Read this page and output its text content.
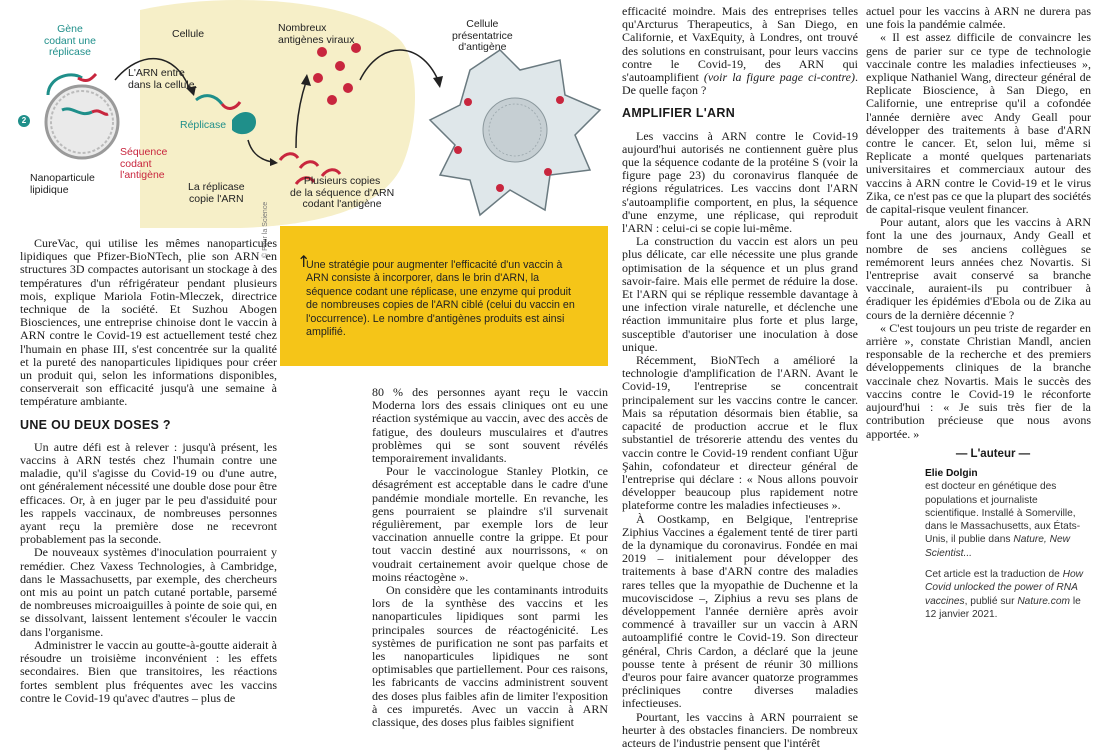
2
Gène
codant une
réplicase
Cellule
L'ARN entre
dans la cellule.
Nombreux
antigènes viraux
Cellule
présentatrice
d'antigène
Réplicase
Séquence
codant
l'antigène
Nanoparticule
lipidique	La réplicase
copie l'ARN
Plusieurs copies
de la séquence d'ARN
codant l'antigène
© Pour la Science
↑
Une stratégie pour augmenter l'efficacité d'un vaccin à ARN consiste à incorporer, dans le brin d'ARN, la séquence codant une réplicase, une enzyme qui produit de nombreuses copies de l'ARN ciblé (celui du vaccin en l'occurrence). Le nombre d'antigènes produits est ainsi amplifié.

CureVac, qui utilise les mêmes nanoparticules lipidiques que Pfizer-BioNTech, plie son ARN en structures 3D compactes autorisant un stockage à des températures d'un réfrigérateur pendant plusieurs mois, explique Mariola Fotin-Mleczek, directrice technique de la société. Et Suzhou Abogen Biosciences, une entreprise chinoise dont le vaccin à ARN contre le Covid-19 est actuellement testé chez l'humain en phase III, s'est concentrée sur la qualité et la pureté des nanoparticules lipidiques pour créer un produit qui, selon les informations disponibles, conserverait son efficacité jusqu'à une semaine à température ambiante.

UNE OU DEUX DOSES ?

Un autre défi est à relever : jusqu'à présent, les vaccins à ARN testés chez l'humain contre une maladie, qu'il s'agisse du Covid-19 ou d'une autre, ont généralement nécessité une double dose pour être efficaces. Or, à en juger par le peu d'assiduité pour les rappels vaccinaux, de nombreuses personnes ayant reçu la première dose ne recevront probablement pas la seconde.

De nouveaux systèmes d'inoculation pourraient y remédier. Chez Vaxess Technologies, à Cambridge, dans le Massachusetts, par exemple, des chercheurs ont mis au point un patch cutané portable, parsemé de nombreuses microaiguilles à pointe de soie qui, en se dissolvant, laissent lentement s'écouler le vaccin dans l'organisme.

Administrer le vaccin au goutte-à-goutte aiderait à résoudre un troisième inconvénient : les effets secondaires. Bien que transitoires, les réactions fortes semblent plus fréquentes avec les vaccins contre le Covid-19 qu'avec d'autres – plus de

80 % des personnes ayant reçu le vaccin Moderna lors des essais cliniques ont eu une réaction systémique au vaccin, avec des accès de fatigue, des douleurs musculaires et d'autres problèmes qui se sont souvent révélés temporairement invalidants.

Pour le vaccinologue Stanley Plotkin, ce désagrément est acceptable dans le cadre d'une pandémie mondiale mortelle. En revanche, les gens pourraient se plaindre s'il survenait régulièrement, par exemple lors de leur vaccination annuelle contre la grippe. Et pour tout vaccin destiné aux nourrissons, « on voudrait certainement avoir quelque chose de moins réactogène ».

On considère que les contaminants introduits lors de la synthèse des vaccins et les nanoparticules lipidiques sont parmi les principales sources de réactogénicité. Les systèmes de purification ne sont pas parfaits et les nanoparticules lipidiques ne sont optimisables que partiellement. Pour ces raisons, les fabricants de vaccins administrent souvent des doses plus faibles afin de limiter l'exposition à ces impuretés. Avec un vaccin à ARN classique, des doses plus faibles signifient

efficacité moindre. Mais des entreprises telles qu'Arcturus Therapeutics, à San Diego, en Californie, et VaxEquity, à Londres, ont trouvé des solutions en construisant, pour leurs vaccins contre le Covid-19, des ARN qui s'autoamplifient (voir la figure page ci-contre). De quelle façon ?

AMPLIFIER L'ARN

Les vaccins à ARN contre le Covid-19 aujourd'hui autorisés ne contiennent guère plus que la séquence codante de la protéine S (voir la figure page 23) du coronavirus flanquée de régions régulatrices. Les vaccins dont l'ARN s'autoamplifie comportent, en plus, la séquence d'une enzyme, une réplicase, qui reproduit l'ARN : celui-ci se copie lui-même.

La construction du vaccin est alors un peu plus délicate, car elle nécessite une plus grande optimisation de la séquence et un plus grand savoir-faire. Mais elle permet de réduire la dose. Et l'ARN qui se réplique ressemble davantage à une infection virale naturelle, et déclenche une réaction immunitaire plus forte et plus large, susceptible d'autoriser une inoculation à dose unique.

Récemment, BioNTech a amélioré la technologie d'amplification de l'ARN. Avant le Covid-19, l'entreprise se concentrait principalement sur les vaccins contre le cancer. Mais sa réputation désormais bien établie, sa capacité de production accrue et le flux substantiel de trésorerie attendu des ventes du vaccin contre le Covid-19 rendent confiant Uğur Şahin, cofondateur et directeur général de l'entreprise qui déclare : « Nous allons pouvoir développer beaucoup plus rapidement notre plateforme contre les maladies infectieuses ».

À Oostkamp, en Belgique, l'entreprise Ziphius Vaccines a également tenté de tirer parti de la dynamique du coronavirus. Fondée en mai 2019 – initialement pour développer des traitements à base d'ARN contre des maladies rares telles que la myopathie de Duchenne et la mucoviscidose –, Ziphius a revu ses plans de développement l'année dernière après avoir commencé à travailler sur un vaccin à ARN autoamplifié contre le Covid-19. Son directeur général, Chris Cardon, a déclaré que la jeune pousse tente à présent de réunir 30 millions d'euros pour faire avancer quatorze programmes précliniques contre diverses maladies infectieuses.

Pourtant, les vaccins à ARN pourraient se heurter à des obstacles financiers. De nombreux acteurs de l'industrie pensent que l'intérêt

actuel pour les vaccins à ARN ne durera pas une fois la pandémie calmée.

« Il est assez difficile de convaincre les gens de parier sur ce type de technologie vaccinale contre les maladies infectieuses », explique Nathaniel Wang, directeur général de Replicate Bioscience, à San Diego, en Californie, une entreprise qu'il a cofondée l'année dernière avec Andy Geall pour développer des traitements à base d'ARN contre le cancer. Et, selon lui, même si Replicate a monté quelques partenariats universitaires et commerciaux autour des vaccins à ARN contre le Covid-19 et le virus Zika, ce n'est pas ce que la plupart des sociétés de capital-risque veulent financer.

Pour autant, alors que les vaccins à ARN font la une des journaux, Andy Geall et nombre de ses anciens collègues se remémorent leurs années chez Novartis. Si l'entreprise avait conservé sa branche vaccinale, auraient-ils pu contribuer à éradiquer les épidémies d'Ebola ou de Zika au cours de la dernière décennie ?

« C'est toujours un peu triste de regarder en arrière », constate Christian Mandl, ancien responsable de la recherche et des premiers développements cliniques de la branche vaccinale chez Novartis. Mais le succès des vaccins contre le Covid-19 le réconforte aujourd'hui : « Je suis très fier de la contribution précieuse que nous avons apportée. »

— L'auteur —
Elie Dolgin
est docteur en génétique des populations et journaliste scientifique. Installé à Somerville, dans le Massachusetts, aux États-Unis, il publie dans Nature, New Scientist...
Cet article est la traduction de How Covid unlocked the power of RNA vaccines, publié sur Nature.com le 12 janvier 2021.
